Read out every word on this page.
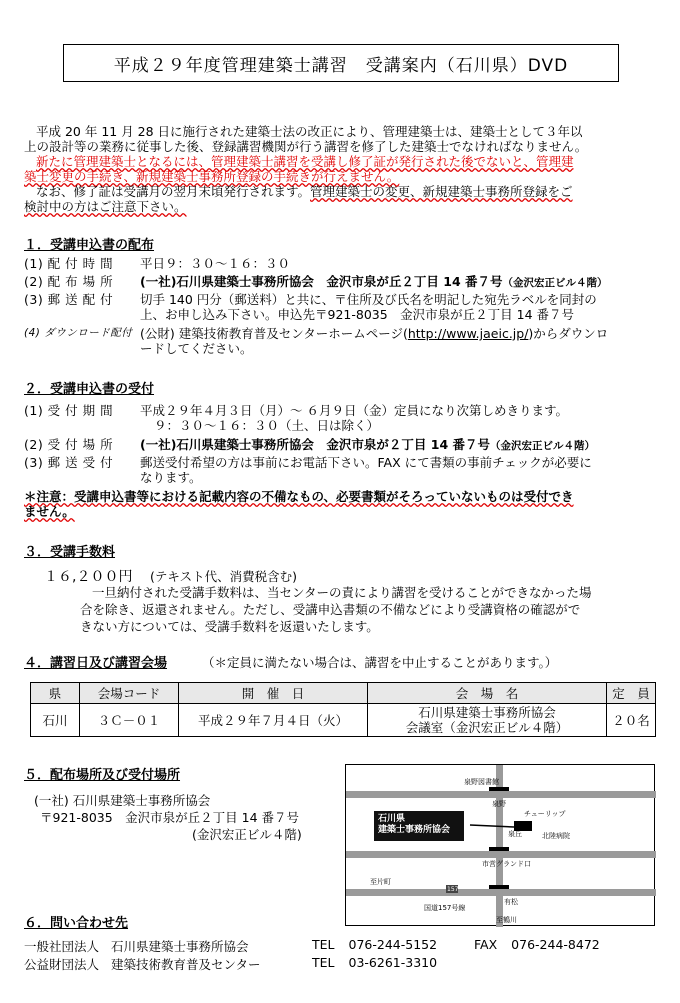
平成２９年度管理建築士講習　受講案内（石川県）DVD
平成 20 年 11 月 28 日に施行された建築士法の改正により、管理建築士は、建築士として３年以
上の設計等の業務に従事した後、登録講習機関が行う講習を修了した建築士でなければなりません。
新たに管理建築士となるには、管理建築士講習を受講し修了証が発行された後でないと、管理建
築士変更の手続き、新規建築士事務所登録の手続きが行えません。
なお、修了証は受講月の翌月末頃発行されます。管理建築士の変更、新規建築士事務所登録をご
検討中の方はご注意下さい。
１．受講申込書の配布
(1) 配 付 時 間	平日９：３０～１６：３０
(2) 配 布 場 所	(一社)石川県建築士事務所協会　金沢市泉が丘２丁目 14 番７号（金沢宏正ビル４階）
(3) 郵 送 配 付	切手 140 円分（郵送料）と共に、〒住所及び氏名を明記した宛先ラベルを同封の
上、お申し込み下さい。申込先〒921-8035　金沢市泉が丘２丁目 14 番７号
(4) ダウンロード配付 (公財) 建築技術教育普及センターホームページ(http://www.jaeic.jp/)からダウンロ
ードしてください。
２．受講申込書の受付
(1) 受 付 期 間	平成２９年４月３日（月）～ ６月９日（金）定員になり次第しめきります。
９：３０～１６：３０（土、日は除く）
(2) 受 付 場 所	(一社)石川県建築士事務所協会　金沢市泉が２丁目 14 番７号（金沢宏正ビル４階）
(3) 郵 送 受 付	郵送受付希望の方は事前にお電話下さい。FAX にて書類の事前チェックが必要に
なります。
＊注意：受講申込書等における記載内容の不備なもの、必要書類がそろっていないものは受付でき
ません。
３．受講手数料
１６,２００円 (テキスト代、消費税含む)
一旦納付された受講手数料は、当センターの責により講習を受けることができなかった場
合を除き、返還されません。ただし、受講申込書類の不備などにより受講資格の確認がで
きない方については、受講手数料を返還いたします。
４．講習日及び講習会場	（＊定員に満たない場合は、講習を中止することがあります。）
県	会場コード	開　催　日	会　場　名	定　員
石川	３Ｃ－０１	平成２９年７月４日（火）	石川県建築士事務所協会
会議室（金沢宏正ビル４階）	２０名
５．配布場所及び受付場所
(一社) 石川県建築士事務所協会
〒921-8035　金沢市泉が丘２丁目 14 番７号
(金沢宏正ビル４階)
石川県
建築士事務所協会
泉野図書館
泉野
チューリップ
北陸病院
市営グランド口
泉丘
至片町
有松
国道157号線
至鶴川
157
６．問い合わせ先
一般社団法人 石川県建築士事務所協会	TEL 076-244-5152	FAX 076-244-8472
公益財団法人 建築技術教育普及センター	TEL 03-6261-3310
